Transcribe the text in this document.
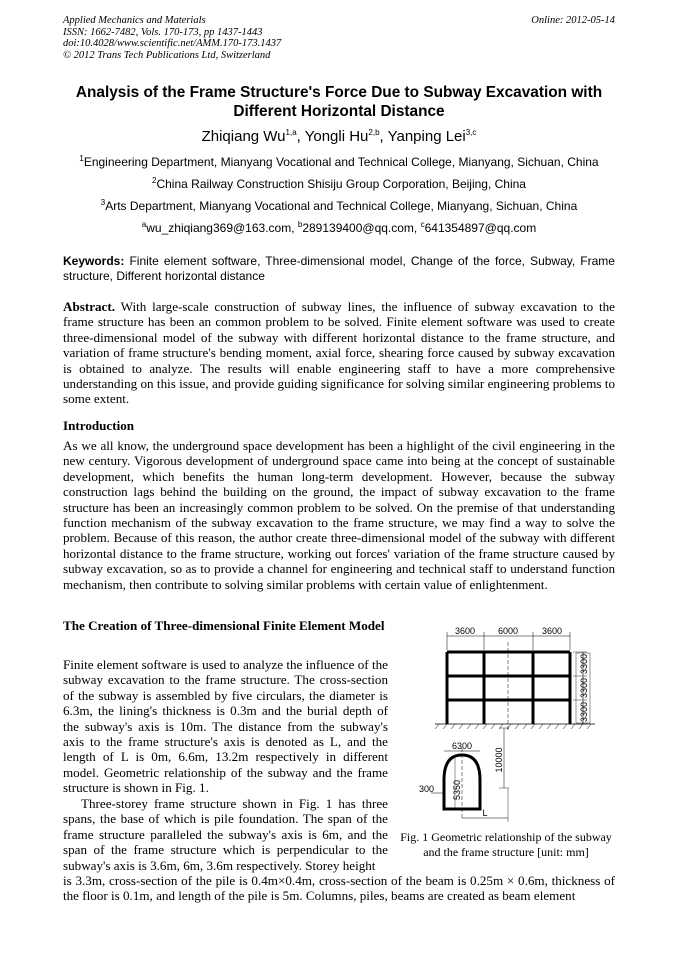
Applied Mechanics and Materials
ISSN: 1662-7482, Vols. 170-173, pp 1437-1443
doi:10.4028/www.scientific.net/AMM.170-173.1437
© 2012 Trans Tech Publications Ltd, Switzerland
Online: 2012-05-14
Analysis of the Frame Structure's Force Due to Subway Excavation with
Different Horizontal Distance
Zhiqiang Wu$^{1,a}$, Yongli Hu$^{2,b}$, Yanping Lei$^{3,c}$
$^1$Engineering Department, Mianyang Vocational and Technical College, Mianyang, Sichuan, China
$^2$China Railway Construction Shisiju Group Corporation, Beijing, China
$^3$Arts Department, Mianyang Vocational and Technical College, Mianyang, Sichuan, China
$^a$wu_zhiqiang369@163.com, $^b$289139400@qq.com, $^c$641354897@qq.com
Keywords: Finite element software, Three-dimensional model, Change of the force, Subway, Frame structure, Different horizontal distance
Abstract. With large-scale construction of subway lines, the influence of subway excavation to the frame structure has been an common problem to be solved. Finite element software was used to create three-dimensional model of the subway with different horizontal distance to the frame structure, and variation of frame structure's bending moment, axial force, shearing force caused by subway excavation is obtained to analyze. The results will enable engineering staff to have a more comprehensive understanding on this issue, and provide guiding significance for solving similar engineering problems to some extent.
Introduction
As we all know, the underground space development has been a highlight of the civil engineering in the new century. Vigorous development of underground space came into being at the concept of sustainable development, which benefits the human long-term development. However, because the subway construction lags behind the building on the ground, the impact of subway excavation to the frame structure has been an increasingly common problem to be solved. On the premise of that understanding function mechanism of the subway excavation to the frame structure, we may find a way to solve the problem. Because of this reason, the author create three-dimensional model of the subway with different horizontal distance to the frame structure, working out forces' variation of the frame structure caused by subway excavation, so as to provide a channel for engineering and technical staff to understand function mechanism, then contribute to solving similar problems with certain value of enlightenment.
The Creation of Three-dimensional Finite Element Model
Finite element software is used to analyze the influence of the subway excavation to the frame structure. The cross-section of the subway is assembled by five circulars, the diameter is 6.3m, the lining's thickness is 0.3m and the burial depth of the subway's axis is 10m. The distance from the subway's axis to the frame structure's axis is denoted as L, and the length of L is 0m, 6.6m, 13.2m respectively in different model. Geometric relationship of the subway and the frame structure is shown in Fig. 1.
Three-storey frame structure shown in Fig. 1 has three spans, the base of which is pile foundation. The span of the frame structure paralleled the subway's axis is 6m, and the span of the frame structure which is perpendicular to the subway's axis is 3.6m, 6m, 3.6m respectively. Storey height
is 3.3m, cross-section of the pile is 0.4m×0.4m, cross-section of the beam is 0.25m × 0.6m, thickness of the floor is 0.1m, and length of the pile is 5m. Columns, piles, beams are created as beam element
3600	6000	3600
3300
3300
3300
10000
6300
5350
300
L
Fig. 1 Geometric relationship of the subway and the frame structure [unit: mm]
